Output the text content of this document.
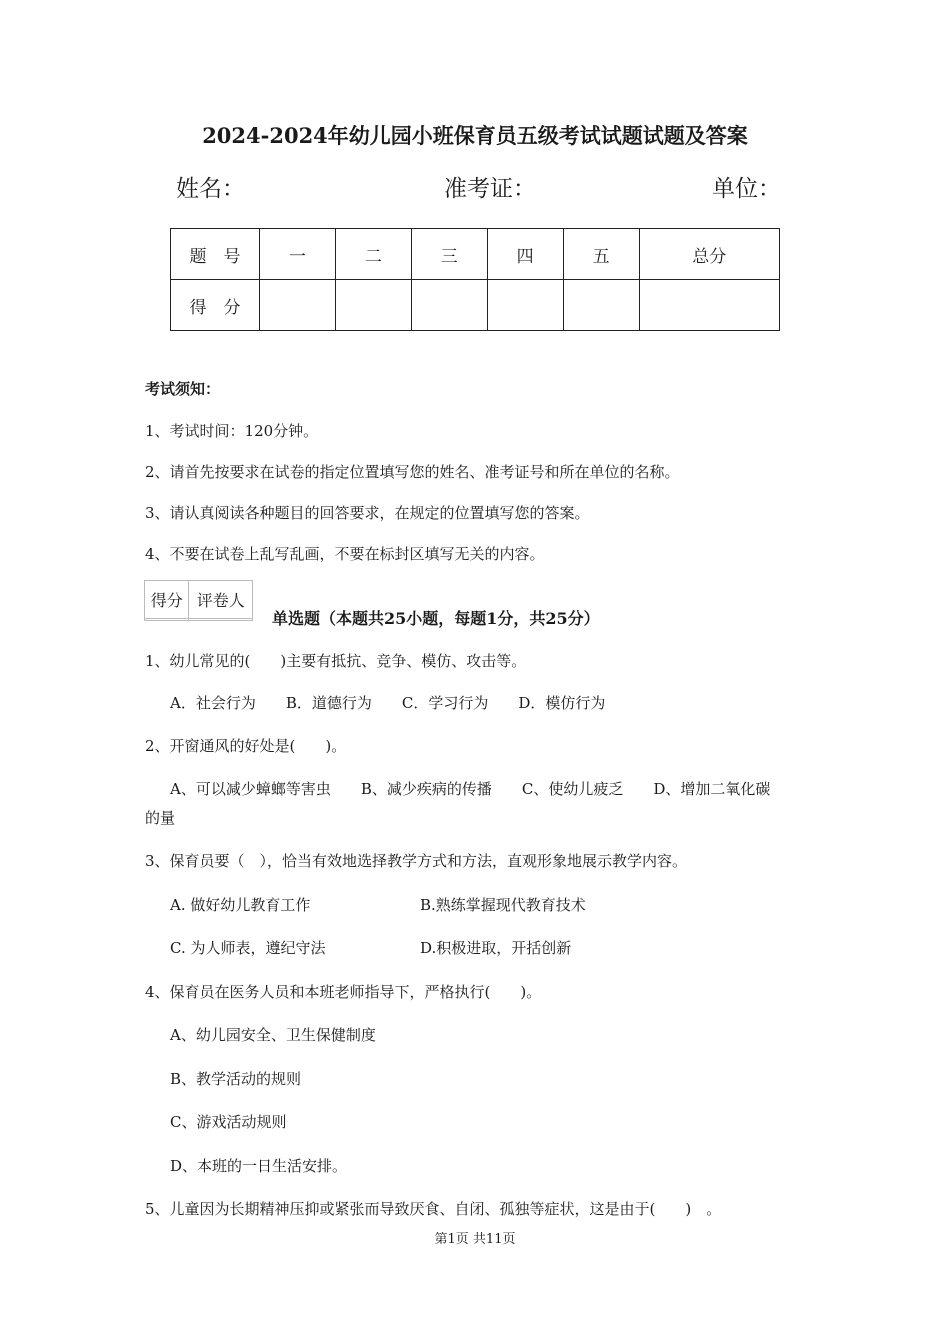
2024-2024年幼儿园小班保育员五级考试试题试题及答案
姓名：	准考证：	单位：
题　号	一	二	三	四	五	总分
得　分						
考试须知：
1、考试时间：120分钟。
2、请首先按要求在试卷的指定位置填写您的姓名、准考证号和所在单位的名称。
3、请认真阅读各种题目的回答要求，在规定的位置填写您的答案。
4、不要在试卷上乱写乱画，不要在标封区填写无关的内容。
得分	评卷人

单选题（本题共25小题，每题1分，共25分）
1、幼儿常见的(　　)主要有抵抗、竞争、模仿、攻击等。
A．社会行为　　B．道德行为　　C．学习行为　　D．模仿行为
2、开窗通风的好处是(　　)。
A、可以减少蟑螂等害虫　　B、减少疾病的传播　　C、使幼儿疲乏　　D、增加二氧化碳
的量
3、保育员要（　），恰当有效地选择教学方式和方法，直观形象地展示教学内容。
A. 做好幼儿教育工作	B.熟练掌握现代教育技术
C. 为人师表，遵纪守法	D.积极进取，开括创新
4、保育员在医务人员和本班老师指导下，严格执行(　　)。
A、幼儿园安全、卫生保健制度
B、教学活动的规则
C、游戏活动规则
D、本班的一日生活安排。
5、儿童因为长期精神压抑或紧张而导致厌食、自闭、孤独等症状，这是由于(　　)　。
第1页 共11页
